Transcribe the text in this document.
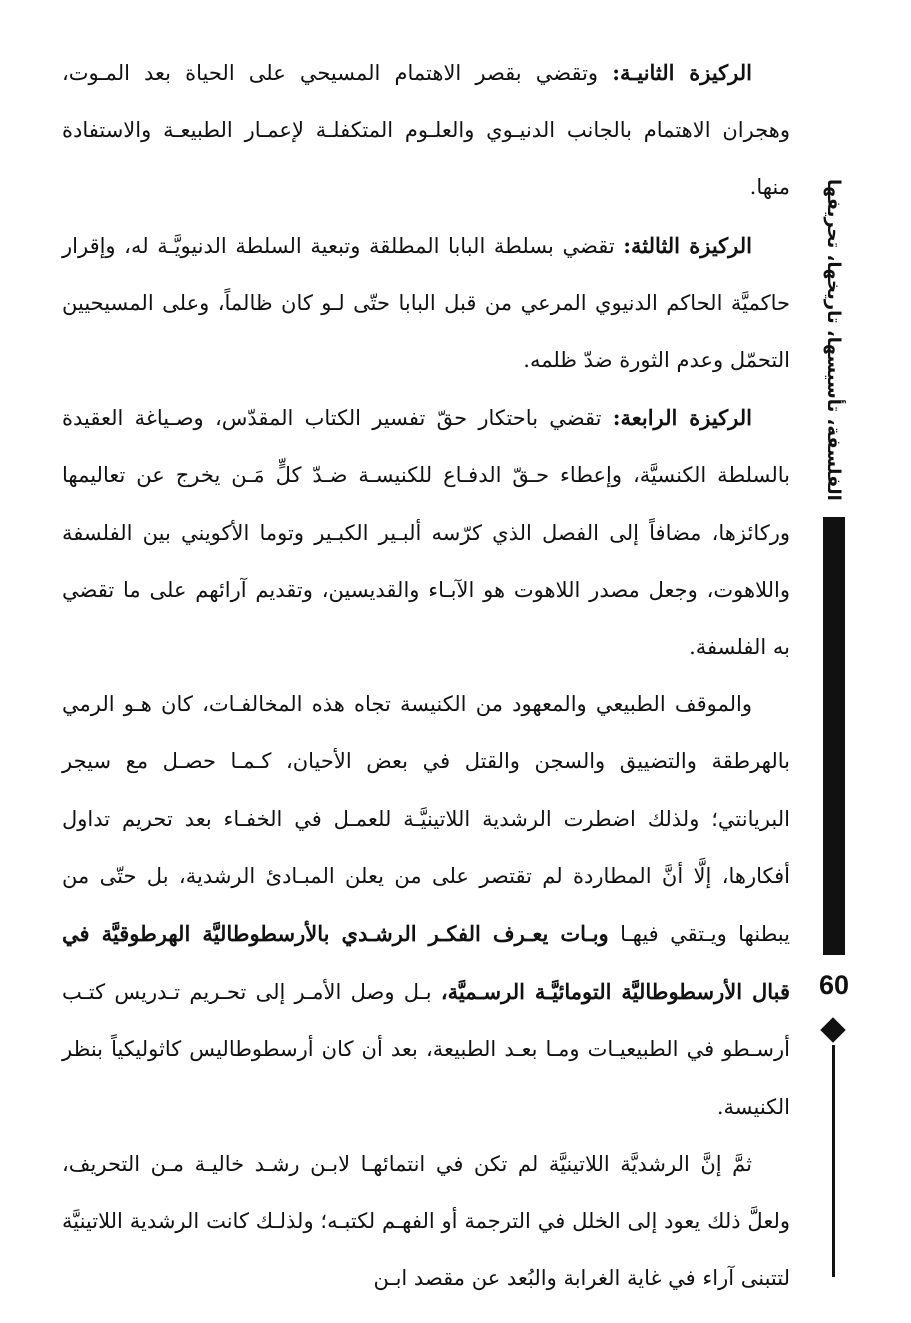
الركيزة الثانيـة: وتقضي بقصر الاهتمام المسيحي على الحياة بعد المـوت، وهجران الاهتمام بالجانب الدنيـوي والعلـوم المتكفلـة لإعمـار الطبيعـة والاستفادة منها.

الركيزة الثالثة: تقضي بسلطة البابا المطلقة وتبعية السلطة الدنيويَّـة له، وإقرار حاكميَّة الحاكم الدنيوي المرعي من قبل البابا حتّى لـو كان ظالماً، وعلى المسيحيين التحمّل وعدم الثورة ضدّ ظلمه.

الركيزة الرابعة: تقضي باحتكار حقّ تفسير الكتاب المقدّس، وصـياغة العقيدة بالسلطة الكنسيَّة، وإعطاء حـقّ الدفـاع للكنيسـة ضـدّ كلٍّ مَـن يخرج عن تعاليمها وركائزها، مضافاً إلى الفصل الذي كرّسه ألبـير الكبـير وتوما الأكويني بين الفلسفة واللاهوت، وجعل مصدر اللاهوت هو الآبـاء والقديسين، وتقديم آرائهم على ما تقضي به الفلسفة.

والموقف الطبيعي والمعهود من الكنيسة تجاه هذه المخالفـات، كان هـو الرمي بالهرطقة والتضييق والسجن والقتل في بعض الأحيان، كـمـا حصـل مع سيجر البريانتي؛ ولذلك اضطرت الرشدية اللاتينيَّـة للعمـل في الخفـاء بعد تحريم تداول أفكارها، إلَّا أنَّ المطاردة لم تقتصر على من يعلن المبـادئ الرشدية، بل حتّى من يبطنها ويـتقي فيهـا وبـات يعـرف الفكـر الرشـدي بالأرسطوطاليَّة الهرطوقيَّة في قبال الأرسطوطاليَّة التومائيَّـة الرسـميَّة، بـل وصل الأمـر إلى تحـريم تـدريس كتـب أرسـطو في الطبيعيـات ومـا بعـد الطبيعة، بعد أن كان أرسطوطاليس كاثوليكياً بنظر الكنيسة.

ثمَّ إنَّ الرشديَّة اللاتينيَّة لم تكن في انتمائهـا لابـن رشـد خاليـة مـن التحريف، ولعلَّ ذلك يعود إلى الخلل في الترجمة أو الفهـم لكتبـه؛ ولذلـك كانت الرشدية اللاتينيَّة لتتبنى آراء في غاية الغرابة والبُعد عن مقصد ابـن

الفلسفة، تأسيسها، تاريخها، تحريفها
60
